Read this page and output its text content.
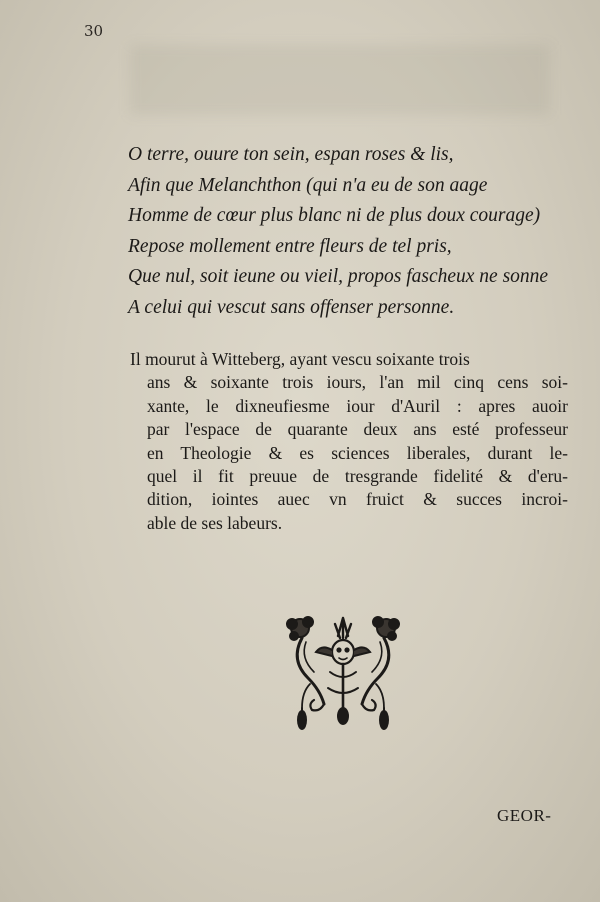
30
O terre, ouure ton sein, espan roses & lis,
Afin que Melanchthon (qui n'a eu de son aage
Homme de cœur plus blanc ni de plus doux courage)
Repose mollement entre fleurs de tel pris,
Que nul, soit ieune ou vieil, propos fascheux ne sonne
A celui qui vescut sans offenser personne.
Il mourut à Witteberg, ayant vescu soixante trois
ans & soixante trois iours, l'an mil cinq cens soi-
xante, le dixneufiesme iour d'Auril : apres auoir
par l'espace de quarante deux ans esté professeur
en Theologie & es sciences liberales, durant le-
quel il fit preuue de tresgrande fidelité & d'eru-
dition, iointes auec vn fruict & succes incroi-
able de ses labeurs.
GEOR-
